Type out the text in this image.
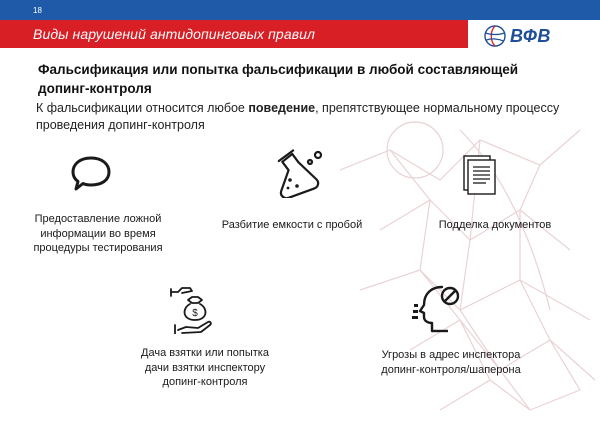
18
Виды нарушений антидопинговых правил	ВФВ
Фальсификация или попытка фальсификации в любой составляющей допинг-контроля
К фальсификации относится любое поведение, препятствующее нормальному процессу проведения допинг-контроля
Предоставление ложной информации во время процедуры тестирования
Разбитие емкости с пробой	Подделка документов
$
Дача взятки или попытка дачи взятки инспектору допинг-контроля
Угрозы в адрес инспектора допинг-контроля/шаперона
